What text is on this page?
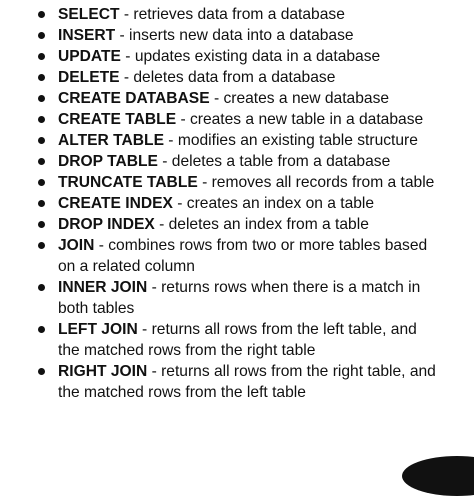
SELECT - retrieves data from a database
INSERT - inserts new data into a database
UPDATE - updates existing data in a database
DELETE - deletes data from a database
CREATE DATABASE - creates a new database
CREATE TABLE - creates a new table in a database
ALTER TABLE - modifies an existing table structure
DROP TABLE - deletes a table from a database
TRUNCATE TABLE - removes all records from a table
CREATE INDEX - creates an index on a table
DROP INDEX - deletes an index from a table
JOIN - combines rows from two or more tables based on a related column
INNER JOIN - returns rows when there is a match in both tables
LEFT JOIN - returns all rows from the left table, and the matched rows from the right table
RIGHT JOIN - returns all rows from the right table, and the matched rows from the left table
